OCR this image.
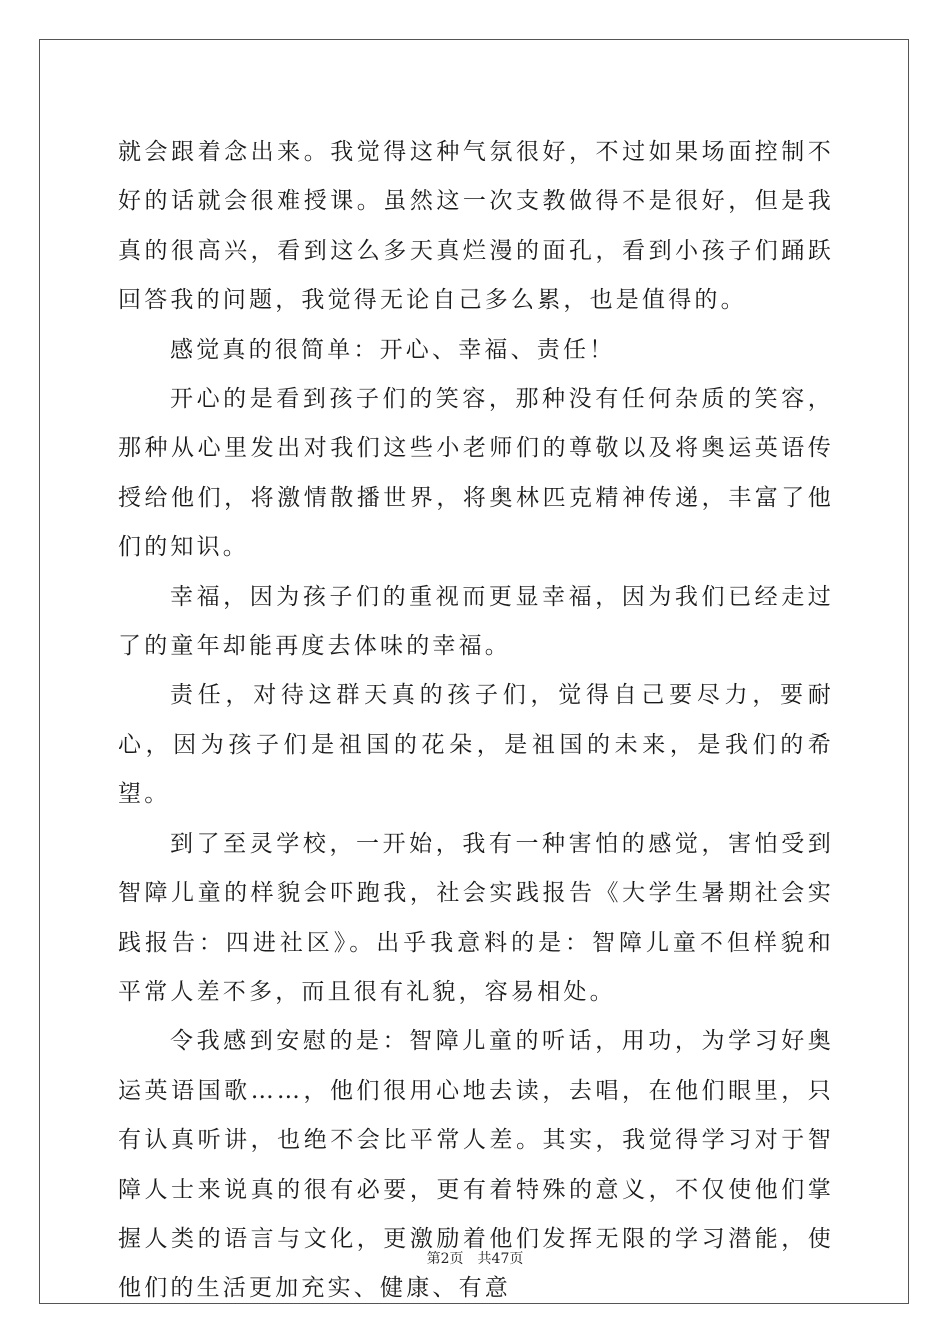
就会跟着念出来。我觉得这种气氛很好，不过如果场面控制不好的话就会很难授课。虽然这一次支教做得不是很好，但是我真的很高兴，看到这么多天真烂漫的面孔，看到小孩子们踊跃回答我的问题，我觉得无论自己多么累，也是值得的。

感觉真的很简单：开心、幸福、责任！

开心的是看到孩子们的笑容，那种没有任何杂质的笑容，那种从心里发出对我们这些小老师们的尊敬以及将奥运英语传授给他们，将激情散播世界，将奥林匹克精神传递，丰富了他们的知识。

幸福，因为孩子们的重视而更显幸福，因为我们已经走过了的童年却能再度去体味的幸福。

责任，对待这群天真的孩子们，觉得自己要尽力，要耐心，因为孩子们是祖国的花朵，是祖国的未来，是我们的希望。

到了至灵学校，一开始，我有一种害怕的感觉，害怕受到智障儿童的样貌会吓跑我，社会实践报告《大学生暑期社会实践报告：四进社区》。出乎我意料的是：智障儿童不但样貌和平常人差不多，而且很有礼貌，容易相处。

令我感到安慰的是：智障儿童的听话，用功，为学习好奥运英语国歌……，他们很用心地去读，去唱，在他们眼里，只有认真听讲，也绝不会比平常人差。其实，我觉得学习对于智障人士来说真的很有必要，更有着特殊的意义，不仅使他们掌握人类的语言与文化，更激励着他们发挥无限的学习潜能，使他们的生活更加充实、健康、有意

第2页 共47页
